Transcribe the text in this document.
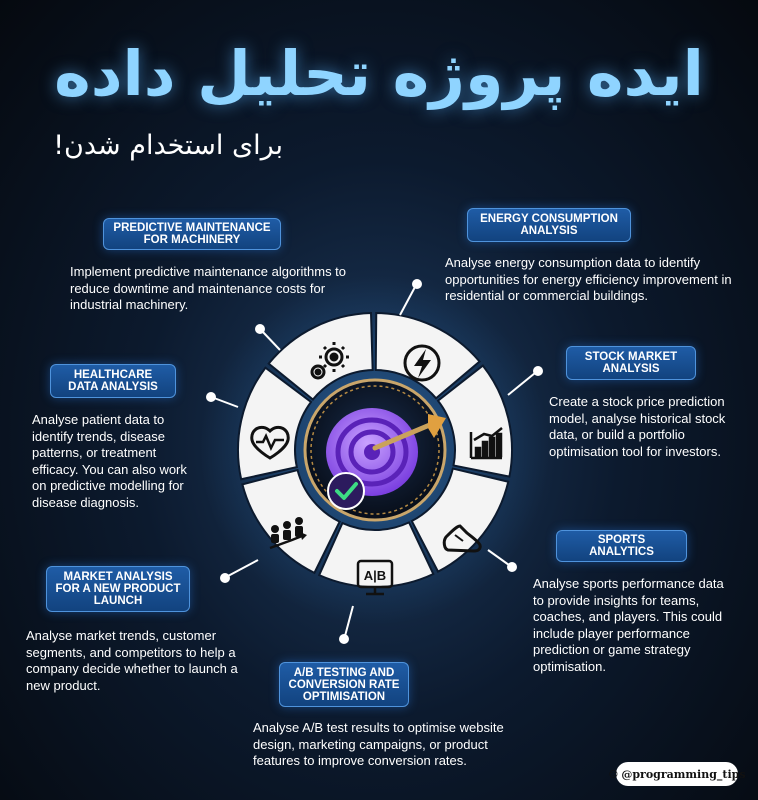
ایده پروژه تحلیل داده
برای استخدام شدن!
A|B
PREDICTIVE MAINTENANCE FOR MACHINERY
ENERGY CONSUMPTION ANALYSIS
STOCK MARKET ANALYSIS
HEALTHCARE DATA ANALYSIS
SPORTS ANALYTICS
MARKET ANALYSIS FOR A NEW PRODUCT LAUNCH
A/B TESTING AND CONVERSION RATE OPTIMISATION
Implement predictive maintenance algorithms to reduce downtime and maintenance costs for industrial machinery.
Analyse energy consumption data to identify opportunities for energy efficiency improvement in residential or commercial buildings.
Create a stock price prediction model, analyse historical stock data, or build a portfolio optimisation tool for investors.
Analyse patient data to identify trends, disease patterns, or treatment efficacy. You can also work on predictive modelling for disease diagnosis.
Analyse sports performance data to provide insights for teams, coaches, and players. This could include player performance prediction or game strategy optimisation.
Analyse market trends, customer segments, and competitors to help a company decide whether to launch a new product.
Analyse A/B test results to optimise website design, marketing campaigns, or product features to improve conversion rates.
☺ @programming_tips
